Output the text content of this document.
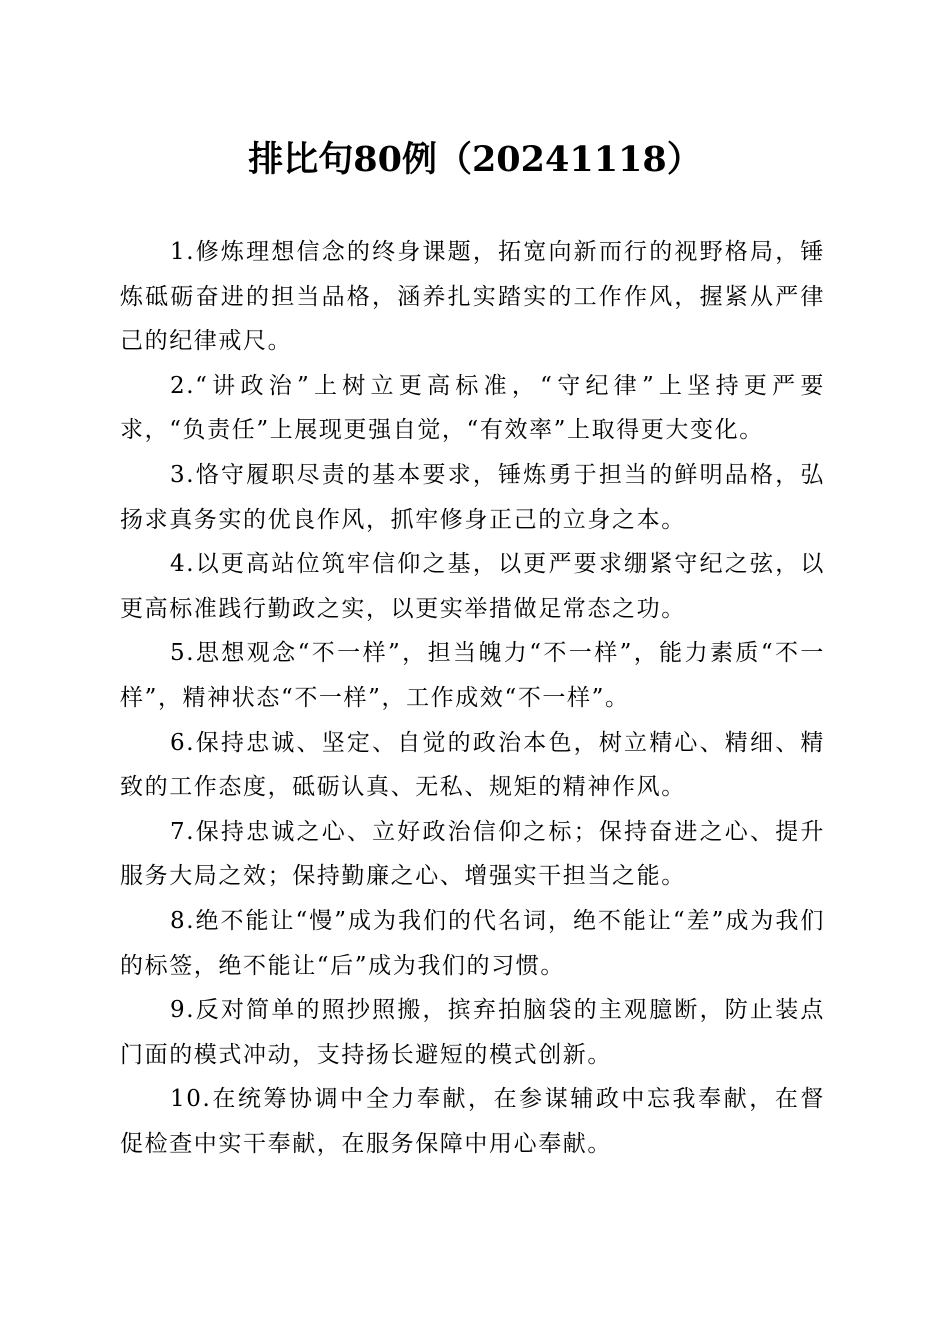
排比句80例（20241118）

1.修炼理想信念的终身课题，拓宽向新而行的视野格局，锤炼砥砺奋进的担当品格，涵养扎实踏实的工作作风，握紧从严律己的纪律戒尺。

2.“讲政治”上树立更高标准，“守纪律”上坚持更严要求，“负责任”上展现更强自觉，“有效率”上取得更大变化。

3.恪守履职尽责的基本要求，锤炼勇于担当的鲜明品格，弘扬求真务实的优良作风，抓牢修身正己的立身之本。

4.以更高站位筑牢信仰之基，以更严要求绷紧守纪之弦，以更高标准践行勤政之实，以更实举措做足常态之功。

5.思想观念“不一样”，担当魄力“不一样”，能力素质“不一样”，精神状态“不一样”，工作成效“不一样”。

6.保持忠诚、坚定、自觉的政治本色，树立精心、精细、精致的工作态度，砥砺认真、无私、规矩的精神作风。

7.保持忠诚之心、立好政治信仰之标；保持奋进之心、提升服务大局之效；保持勤廉之心、增强实干担当之能。

8.绝不能让“慢”成为我们的代名词，绝不能让“差”成为我们的标签，绝不能让“后”成为我们的习惯。

9.反对简单的照抄照搬，摈弃拍脑袋的主观臆断，防止装点门面的模式冲动，支持扬长避短的模式创新。

10.在统筹协调中全力奉献，在参谋辅政中忘我奉献，在督促检查中实干奉献，在服务保障中用心奉献。
